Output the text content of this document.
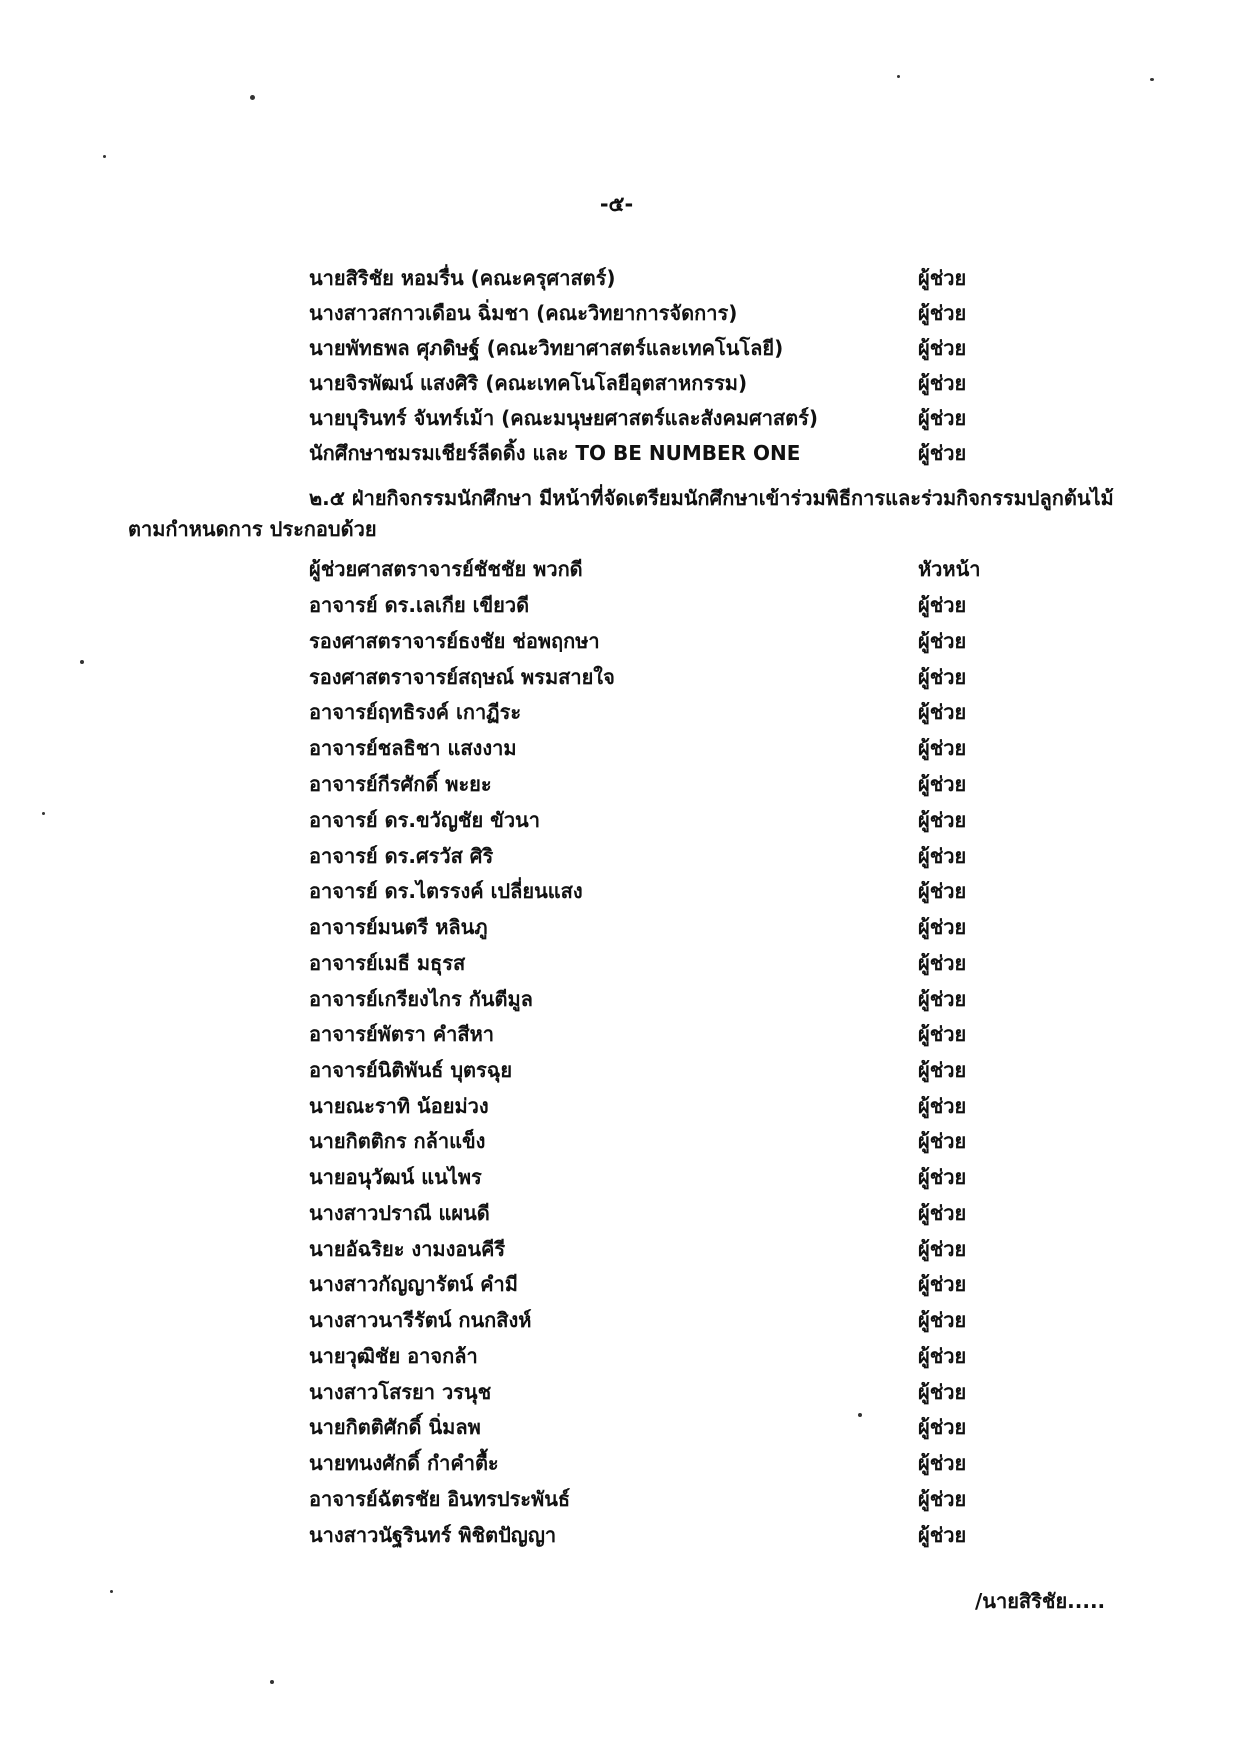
-๕-
นายสิริชัย หอมรื่น (คณะครุศาสตร์)	ผู้ช่วย
นางสาวสกาวเดือน ฉิ่มชา (คณะวิทยาการจัดการ)	ผู้ช่วย
นายพัทธพล ศุภดิษฐ์ (คณะวิทยาศาสตร์และเทคโนโลยี)	ผู้ช่วย
นายจิรพัฒน์ แสงศิริ (คณะเทคโนโลยีอุตสาหกรรม)	ผู้ช่วย
นายบุรินทร์ จันทร์เม้า (คณะมนุษยศาสตร์และสังคมศาสตร์)	ผู้ช่วย
นักศึกษาชมรมเชียร์ลีดดิ้ง และ TO BE NUMBER ONE	ผู้ช่วย
๒.๕ ฝ่ายกิจกรรมนักศึกษา มีหน้าที่จัดเตรียมนักศึกษาเข้าร่วมพิธีการและร่วมกิจกรรมปลูกต้นไม้
ตามกำหนดการ ประกอบด้วย
ผู้ช่วยศาสตราจารย์ชัชชัย พวกดี	หัวหน้า
อาจารย์ ดร.เลเกีย เขียวดี	ผู้ช่วย
รองศาสตราจารย์ธงชัย ช่อพฤกษา	ผู้ช่วย
รองศาสตราจารย์สฤษณ์ พรมสายใจ	ผู้ช่วย
อาจารย์ฤทธิรงค์ เกาฏีระ	ผู้ช่วย
อาจารย์ชลธิชา แสงงาม	ผู้ช่วย
อาจารย์กีรศักดิ์ พะยะ	ผู้ช่วย
อาจารย์ ดร.ขวัญชัย ขัวนา	ผู้ช่วย
อาจารย์ ดร.ศรวัส ศิริ	ผู้ช่วย
อาจารย์ ดร.ไตรรงค์ เปลี่ยนแสง	ผู้ช่วย
อาจารย์มนตรี หลินภู	ผู้ช่วย
อาจารย์เมธี มธุรส	ผู้ช่วย
อาจารย์เกรียงไกร กันตีมูล	ผู้ช่วย
อาจารย์พัตรา คำสีหา	ผู้ช่วย
อาจารย์นิติพันธ์ บุตรฉุย	ผู้ช่วย
นายณะราทิ น้อยม่วง	ผู้ช่วย
นายกิตติกร กล้าแข็ง	ผู้ช่วย
นายอนุวัฒน์ แนไพร	ผู้ช่วย
นางสาวปราณี แผนดี	ผู้ช่วย
นายอัฉริยะ งามงอนคีรี	ผู้ช่วย
นางสาวกัญญารัตน์ คำมี	ผู้ช่วย
นางสาวนารีรัตน์ กนกสิงห์	ผู้ช่วย
นายวุฒิชัย อาจกล้า	ผู้ช่วย
นางสาวโสรยา วรนุช	ผู้ช่วย
นายกิตติศักดิ์ นิ่มลพ	ผู้ช่วย
นายทนงศักดิ์ กำคำตื้ะ	ผู้ช่วย
อาจารย์ฉัตรชัย อินทรประพันธ์	ผู้ช่วย
นางสาวนัฐรินทร์ พิชิตปัญญา	ผู้ช่วย
/นายสิริชัย.....
